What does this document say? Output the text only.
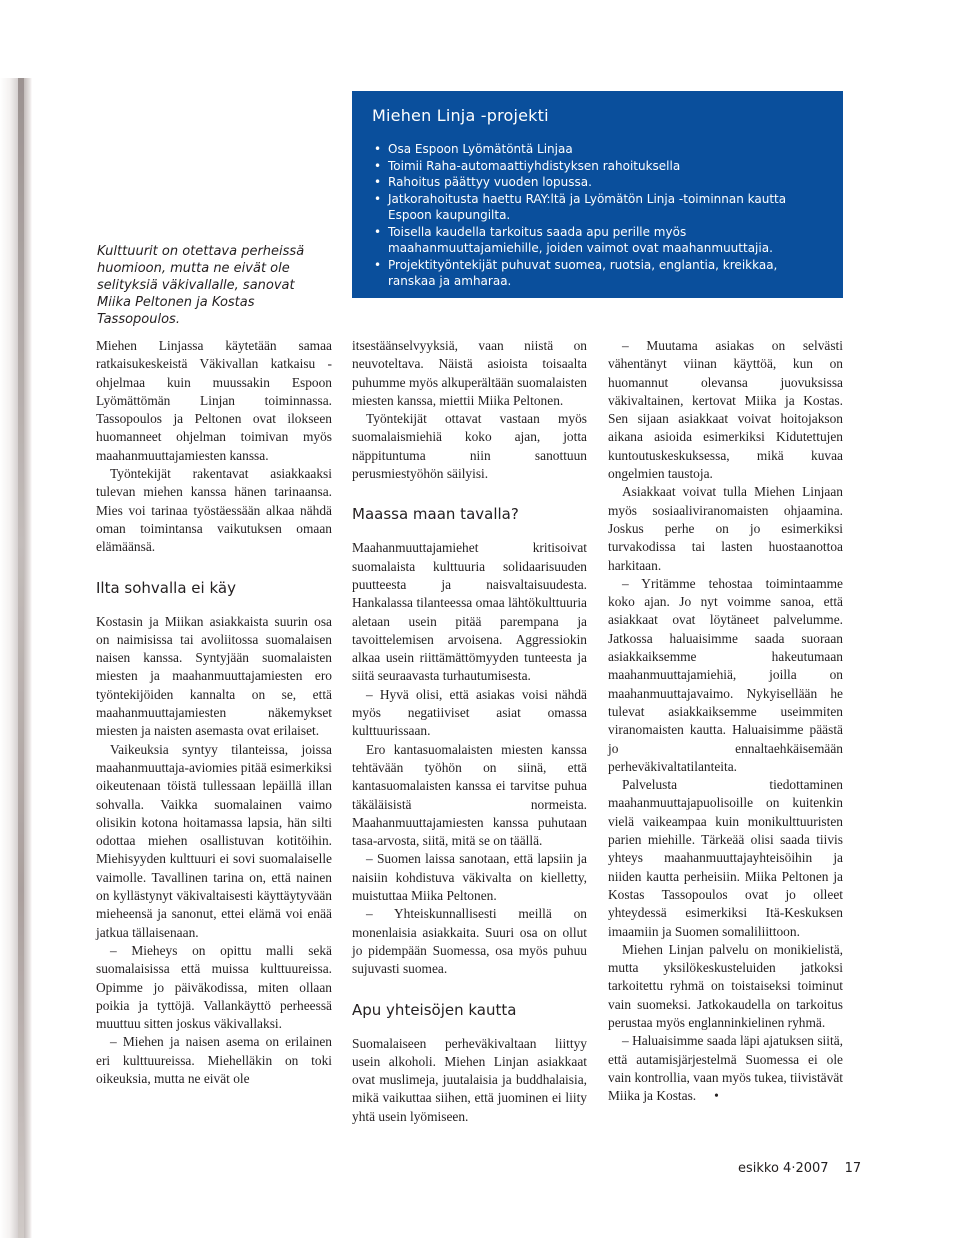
Kulttuurit on otettava perheissä huomioon, mutta ne eivät ole selityksiä väkivallalle, sanovat Miika Peltonen ja Kostas Tassopoulos.

Miehen Linja -projekti
• Osa Espoon Lyömätöntä Linjaa
• Toimii Raha-automaattiyhdistyksen rahoituksella
• Rahoitus päättyy vuoden lopussa.
• Jatkorahoitusta haettu RAY:ltä ja Lyömätön Linja -toiminnan kautta Espoon kaupungilta.
• Toisella kaudella tarkoitus saada apu perille myös maahanmuuttajamiehille, joiden vaimot ovat maahanmuuttajia.
• Projektityöntekijät puhuvat suomea, ruotsia, englantia, kreikkaa, ranskaa ja amharaa.

Miehen Linjassa käytetään samaa ratkaisukeskeistä Väkivallan katkaisu -ohjelmaa kuin muussakin Espoon Lyömättömän Linjan toiminnassa. Tassopoulos ja Peltonen ovat ilokseen huomanneet ohjelman toimivan myös maahanmuuttajamiesten kanssa.

Työntekijät rakentavat asiakkaaksi tulevan miehen kanssa hänen tarinaansa. Mies voi tarinaa työstäessään alkaa nähdä oman toimintansa vaikutuksen omaan elämäänsä.

Ilta sohvalla ei käy

Kostasin ja Miikan asiakkaista suurin osa on naimisissa tai avoliitossa suomalaisen naisen kanssa. Syntyjään suomalaisten miesten ja maahanmuuttajamiesten ero työntekijöiden kannalta on se, että maahanmuuttajamiesten näkemykset miesten ja naisten asemasta ovat erilaiset.

Vaikeuksia syntyy tilanteissa, joissa maahanmuuttaja-aviomies pitää esimerkiksi oikeutenaan töistä tullessaan lepäillä illan sohvalla. Vaikka suomalainen vaimo olisikin kotona hoitamassa lapsia, hän silti odottaa miehen osallistuvan kotitöihin. Miehisyyden kulttuuri ei sovi suomalaiselle vaimolle. Tavallinen tarina on, että nainen on kyllästynyt väkivaltaisesti käyttäytyvään mieheensä ja sanonut, ettei elämä voi enää jatkua tällaisenaan.

– Mieheys on opittu malli sekä suomalaisissa että muissa kulttuureissa. Opimme jo päiväkodissa, miten ollaan poikia ja tyttöjä. Vallankäyttö perheessä muuttuu sitten joskus väkivallaksi.

– Miehen ja naisen asema on erilainen eri kulttuureissa. Miehelläkin on toki oikeuksia, mutta ne eivät ole

itsestäänselvyyksiä, vaan niistä on neuvoteltava. Näistä asioista toisaalta puhumme myös alkuperältään suomalaisten miesten kanssa, miettii Miika Peltonen.

Työntekijät ottavat vastaan myös suomalaismiehiä koko ajan, jotta näppituntuma niin sanottuun perusmiestyöhön säilyisi.

Maassa maan tavalla?

Maahanmuuttajamiehet kritisoivat suomalaista kulttuuria solidaarisuuden puutteesta ja naisvaltaisuudesta. Hankalassa tilanteessa omaa lähtökulttuuria aletaan usein pitää parempana ja tavoittelemisen arvoisena. Aggressiokin alkaa usein riittämättömyyden tunteesta ja siitä seuraavasta turhautumisesta.

– Hyvä olisi, että asiakas voisi nähdä myös negatiiviset asiat omassa kulttuurissaan.

Ero kantasuomalaisten miesten kanssa tehtävään työhön on siinä, että kantasuomalaisten kanssa ei tarvitse puhua täkäläisistä normeista. Maahanmuuttajamiesten kanssa puhutaan tasa-arvosta, siitä, mitä se on täällä.

– Suomen laissa sanotaan, että lapsiin ja naisiin kohdistuva väkivalta on kielletty, muistuttaa Miika Peltonen.

– Yhteiskunnallisesti meillä on monenlaisia asiakkaita. Suuri osa on ollut jo pidempään Suomessa, osa myös puhuu sujuvasti suomea.

Apu yhteisöjen kautta

Suomalaiseen perheväkivaltaan liittyy usein alkoholi. Miehen Linjan asiakkaat ovat muslimeja, juutalaisia ja buddhalaisia, mikä vaikuttaa siihen, että juominen ei liity yhtä usein lyömiseen.

– Muutama asiakas on selvästi vähentänyt viinan käyttöä, kun on huomannut olevansa juovuksissa väkivaltainen, kertovat Miika ja Kostas. Sen sijaan asiakkaat voivat hoitojakson aikana asioida esimerkiksi Kidutettujen kuntoutuskeskuksessa, mikä kuvaa ongelmien taustoja.

Asiakkaat voivat tulla Miehen Linjaan myös sosiaaliviranomaisten ohjaamina. Joskus perhe on jo esimerkiksi turvakodissa tai lasten huostaanottoa harkitaan.

– Yritämme tehostaa toimintaamme koko ajan. Jo nyt voimme sanoa, että asiakkaat ovat löytäneet palvelumme. Jatkossa haluaisimme saada suoraan asiakkaiksemme hakeutumaan maahanmuuttajamiehiä, joilla on maahanmuuttajavaimo. Nykyisellään he tulevat asiakkaiksemme useimmiten viranomaisten kautta. Haluaisimme päästä jo ennaltaehkäisemään perheväkivaltatilanteita.

Palvelusta tiedottaminen maahanmuuttajapuolisoille on kuitenkin vielä vaikeampaa kuin monikulttuuristen parien miehille. Tärkeää olisi saada tiivis yhteys maahanmuuttajayhteisöihin ja niiden kautta perheisiin. Miika Peltonen ja Kostas Tassopoulos ovat jo olleet yhteydessä esimerkiksi Itä-Keskuksen imaamiin ja Suomen somaliliittoon.

Miehen Linjan palvelu on monikielistä, mutta yksilökeskusteluiden jatkoksi tarkoitettu ryhmä on toistaiseksi toiminut vain suomeksi. Jatkokaudella on tarkoitus perustaa myös englanninkielinen ryhmä.

– Haluaisimme saada läpi ajatuksen siitä, että autamisjärjestelmä Suomessa ei ole vain kontrollia, vaan myös tukea, tiivistävät Miika ja Kostas. •

esikko 4·2007 17
